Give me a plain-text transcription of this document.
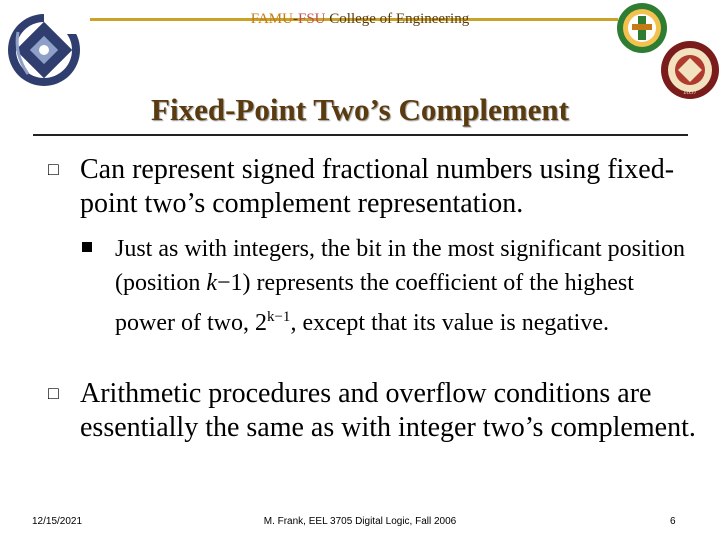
FAMU-FSU College of Engineering
1857
Fixed-Point Two’s Complement
□ Can represent signed fractional numbers using fixed-point two’s complement representation.
Just as with integers, the bit in the most significant position (position k−1) represents the coefficient of the highest power of two, $2^{k-1}$, except that its value is negative.
□ Arithmetic procedures and overflow conditions are essentially the same as with integer two’s complement.
12/15/2021	M. Frank, EEL 3705 Digital Logic, Fall 2006	6
